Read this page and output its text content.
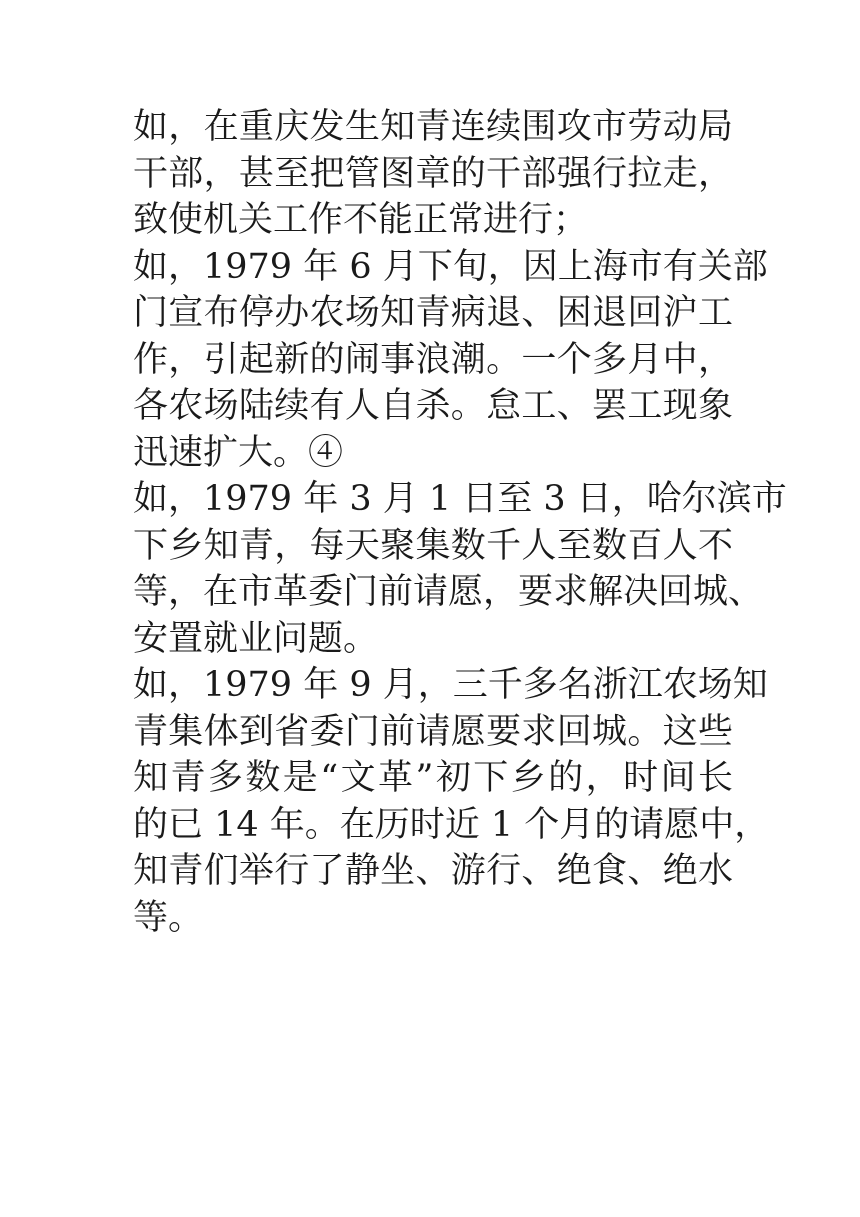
如，在重庆发生知青连续围攻市劳动局
干部，甚至把管图章的干部强行拉走，
致使机关工作不能正常进行；
如，1979 年 6 月下旬，因上海市有关部
门宣布停办农场知青病退、困退回沪工
作，引起新的闹事浪潮。一个多月中，
各农场陆续有人自杀。怠工、罢工现象
迅速扩大。④
如，1979 年 3 月 1 日至 3 日，哈尔滨市
下乡知青，每天聚集数千人至数百人不
等，在市革委门前请愿，要求解决回城、
安置就业问题。
如，1979 年 9 月，三千多名浙江农场知
青集体到省委门前请愿要求回城。这些
知青多数是“文革”初下乡的，时间长
的已 14 年。在历时近 1 个月的请愿中，
知青们举行了静坐、游行、绝食、绝水
等。
